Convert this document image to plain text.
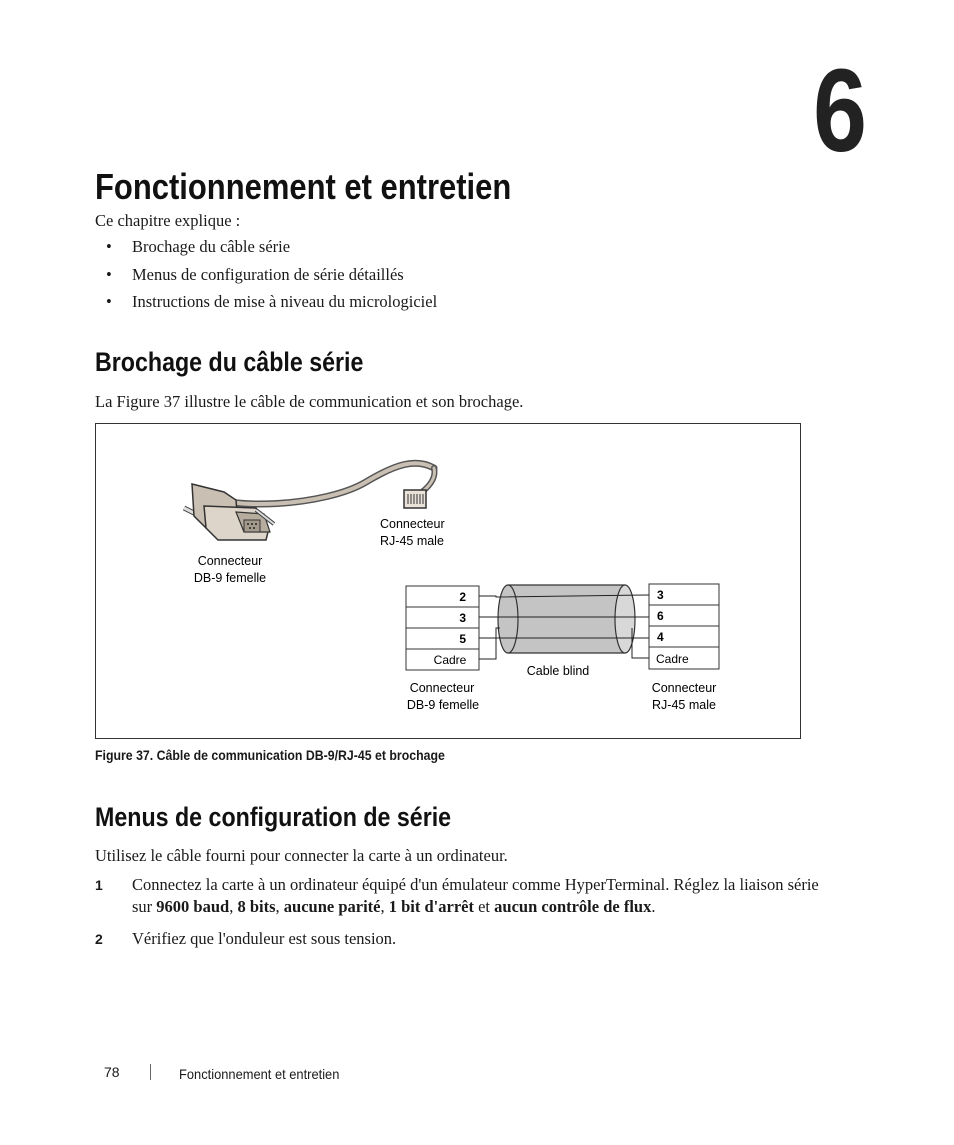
6
Fonctionnement et entretien
Ce chapitre explique :
• Brochage du câble série
• Menus de configuration de série détaillés
• Instructions de mise à niveau du micrologiciel
Brochage du câble série
La Figure 37 illustre le câble de communication et son brochage.
Connecteur
DB-9 femelle
Connecteur
RJ-45 male
2
3
5
Cadre
3
6
4
Cadre
Cable blind
Connecteur
DB-9 femelle
Connecteur
RJ-45 male
Figure 37. Câble de communication DB-9/RJ-45 et brochage
Menus de configuration de série
Utilisez le câble fourni pour connecter la carte à un ordinateur.
1 Connectez la carte à un ordinateur équipé d'un émulateur comme HyperTerminal. Réglez la liaison série sur 9600 baud, 8 bits, aucune parité, 1 bit d'arrêt et aucun contrôle de flux.
2 Vérifiez que l'onduleur est sous tension.
78	Fonctionnement et entretien
